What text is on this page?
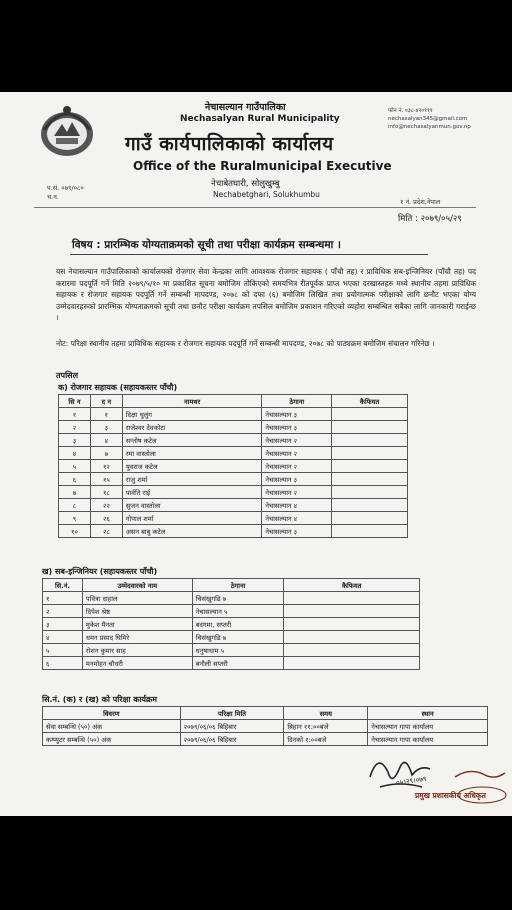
नेचासल्यान गाउँपालिका
Nechasalyan Rural Municipality
गाउँ कार्यपालिकाको कार्यालय
Office of the Ruralmunicipal Executive
नेचाबेतघारी, सोलुखुम्बु
Nechabetghari, Solukhumbu
फोन नं. ०३८-४२०१११
nechasalyan345@gmail.com
info@nechasalyanmun.gov.np
प.सं. ०७९/०८०
च.न.
१ नं. प्रदेश,नेपाल
मिति : २०७९/०५/२९
विषय : प्रारम्भिक योग्यताक्रमको सूची तथा परीक्षा कार्यक्रम सम्बन्धमा ।
यस नेचासल्यान गाउँपालिकाको कार्यालयको रोजगार सेवा केन्द्रका लागि आवश्यक रोजगार सहायक ( पाँचौ तह) र प्राविधिक सब-इन्जिनियर (पाँचौ तह) पद करारमा पदपूर्ति गर्ने मिति २०७९/५/१० मा प्रकाशित सूचना बमोजिम तोकिएको समयभित्र रीतपूर्वक प्राप्त भएका दरखास्तहरु मध्ये स्थानीय तहमा प्राविधिक सहायक र रोजगार सहायक पदपूर्ति गर्ने सम्बन्धी मापदण्ड, २०७८ को दफा (६) बमोजिम लिखित तथा प्रयोगात्मक परीक्षाको लागि छनौट भएका योग्य उम्मेदवारहरुको प्रारम्भिक योग्यताक्रमको सूची तथा छनौट परीक्षा कार्यक्रम तपसिल बमोजिम प्रकाशन गरिएको व्यहोरा सम्बन्धित सबैका लागि जानकारी गराईन्छ ।
नोट: परिक्षा स्थानीय तहमा प्राविधिक सहायक र रोजगार सहायक पदपूर्ति गर्ने सम्बन्धी मापदण्ड, २०७८ को पाठ्यक्रम बमोजिम संचालन गरिनेछ ।
तपसिल
क) रोजगार सहायक (सहायकस्तर पाँचौ)
सि न	द न	नामथर	ठेगाना	कैफियत
१	१	दिक्षा थुलुंग	नेचासल्यान ३	
२	३	राजेश्वर देवकोटा	नेचासल्यान ३	
३	४	सन्तोष कटेल	नेचासल्यान २	
४	७	रमा वास्तोला	नेचासल्यान २	
५	१२	युवराज कटेल	नेचासल्यान २	
६	१५	राजु शर्मा	नेचासल्यान ३	
७	१८	पार्वति राई	नेचासल्यान २	
८	२२	सुजन वास्तोला	नेचासल्यान ४	
९	२६	गोपाल शर्मा	नेचासल्यान ४	
१०	२८	असन बाबु कटेल	नेचासल्यान ३	
ख) सब-इन्जिनियर (सहायकस्तर पाँचौ)
सि.नं.	उम्मेदवारको नाम	ठेगाना	कैफियत
१	पवित्रा दाहाल	चिसंखुगढि ७	
२	दिपेश श्रेष्ठ	नेचासल्यान ५	
३	मुकेश मैनता	बदगमा, सप्तरी	
४	धमन प्रसाद घिमिरे	चिसंखुगढि ७	
५	रोशन कुमार साह	धनुषाधाम ५	
६	मनमोहन चौधरी	बनौली सप्तरी	
सि.नं. (क) र (ख) को परिक्षा कार्यक्रम
विवरण	परिक्षा मिति	समय	स्थान
सेवा सम्बन्धि (५०) अंक	२०७९/०६/०६ बिहिबार	बिहान ११:००बजे	नेचासल्यान गापा कार्यालय
कम्प्युटर सम्बन्धि (५०) अंक	२०७९/०६/०६ बिहिबार	दिनको १:००बजे	नेचासल्यान गापा कार्यालय
०५।२९।०७९
प्रमुख प्रशासकीय अधिकृत
